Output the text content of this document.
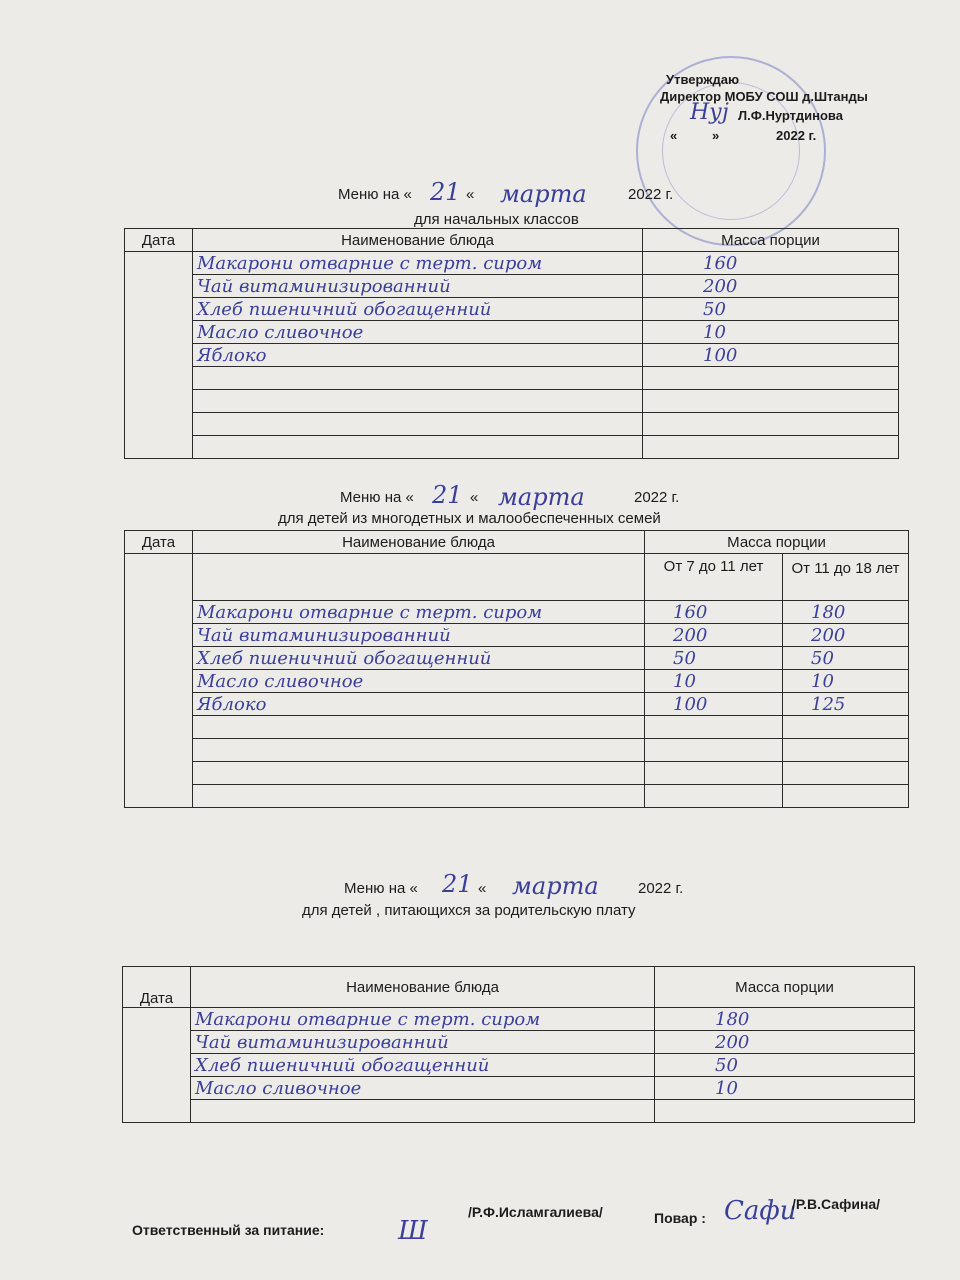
Утверждаю
Директор МОБУ СОШ д.Штанды
Нуј Л.Ф.Нуртдинова
«	»	2022 г.
Меню на « 21 « марта	2022 г.
для начальных классов
Дата	Наименование блюда	Масса порции
	Макарони отварние с терт. сиром	160
	Чай витаминизированний	200
	Хлеб пшеничний обогащенний	50
	Масло сливочное	10
	Яблоко	100

Меню на « 21 « марта	2022 г.
для детей из многодетных и малообеспеченных семей
Дата	Наименование блюда	Масса порции	
		От 7 до 11 лет	От 11 до 18 лет
	Макарони отварние с терт. сиром	160	180
	Чай витаминизированний	200	200
	Хлеб пшеничний обогащенний	50	50
	Масло сливочное	10	10
	Яблоко	100	125

Меню на « 21 « марта	2022 г.
для детей , питающихся за родительскую плату
Дата	Наименование блюда	Масса порции
	Макарони отварние с терт. сиром	180
	Чай витаминизированний	200
	Хлеб пшеничний обогащенний	50
	Масло сливочное	10

Ответственный за питание:	Ш
/Р.Ф.Исламгалиева/	Повар : Сафи
/Р.В.Сафина/
